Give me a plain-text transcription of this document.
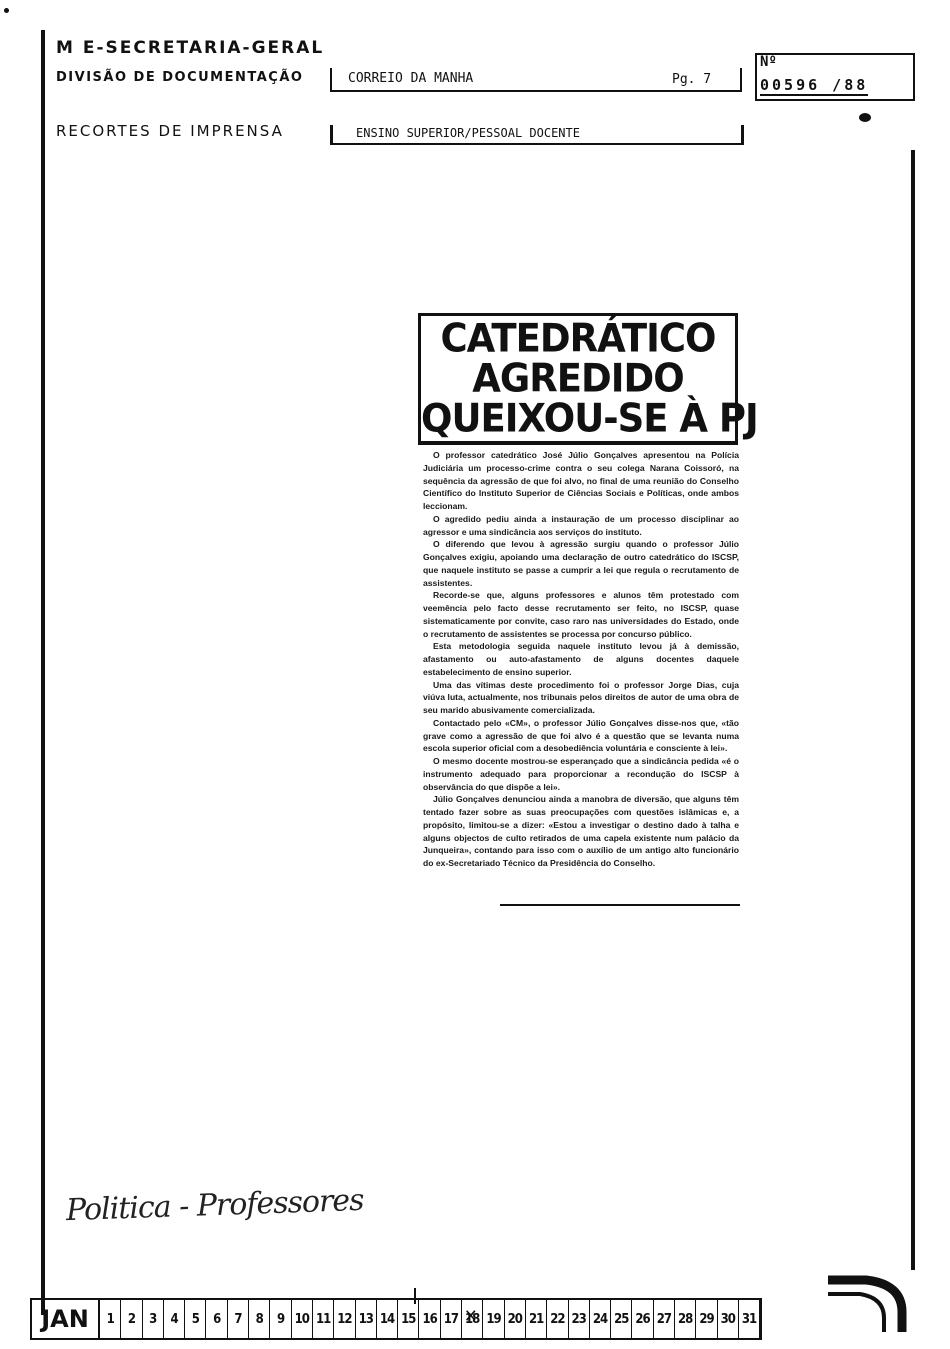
M E-SECRETARIA-GERAL
DIVISÃO DE DOCUMENTAÇÃO
RECORTES DE IMPRENSA
CORREIO DA MANHA	Pg. 7
Nº
00596 /88
ENSINO SUPERIOR/PESSOAL DOCENTE
CATEDRÁTICO
AGREDIDO
QUEIXOU-SE À PJ

O professor catedrático José Júlio Gonçalves apresentou na Polícia Judiciária um processo-crime contra o seu colega Narana Coissoró, na sequência da agressão de que foi alvo, no final de uma reunião do Conselho Científico do Instituto Superior de Ciências Sociais e Políticas, onde ambos leccionam.

O agredido pediu ainda a instauração de um processo disciplinar ao agressor e uma sindicância aos serviços do instituto.

O diferendo que levou à agressão surgiu quando o professor Júlio Gonçalves exigiu, apoiando uma declaração de outro catedrático do ISCSP, que naquele instituto se passe a cumprir a lei que regula o recrutamento de assistentes.

Recorde-se que, alguns professores e alunos têm protestado com veemência pelo facto desse recrutamento ser feito, no ISCSP, quase sistematicamente por convite, caso raro nas universidades do Estado, onde o recrutamento de assistentes se processa por concurso público.

Esta metodologia seguida naquele instituto levou já à demissão, afastamento ou auto-afastamento de alguns docentes daquele estabelecimento de ensino superior.

Uma das vítimas deste procedimento foi o professor Jorge Dias, cuja viúva luta, actualmente, nos tribunais pelos direitos de autor de uma obra de seu marido abusivamente comercializada.

Contactado pelo «CM», o professor Júlio Gonçalves disse-nos que, «tão grave como a agressão de que foi alvo é a questão que se levanta numa escola superior oficial com a desobediência voluntária e consciente à lei».

O mesmo docente mostrou-se esperançado que a sindicância pedida «é o instrumento adequado para proporcionar a recondução do ISCSP à observância do que dispõe a lei».

Júlio Gonçalves denunciou ainda a manobra de diversão, que alguns têm tentado fazer sobre as suas preocupações com questões islâmicas e, a propósito, limitou-se a dizer: «Estou a investigar o destino dado à talha e alguns objectos de culto retirados de uma capela existente num palácio da Junqueira», contando para isso com o auxílio de um antigo alto funcionário do ex-Secretariado Técnico da Presidência do Conselho.

Politica - Professores
JAN	1	2	3	4	5	6	7	8	9 10 11 12 13 14 15 16 17 18 ✕ 19 20 21 22 23 24 25 26 27 28 29 30 31
